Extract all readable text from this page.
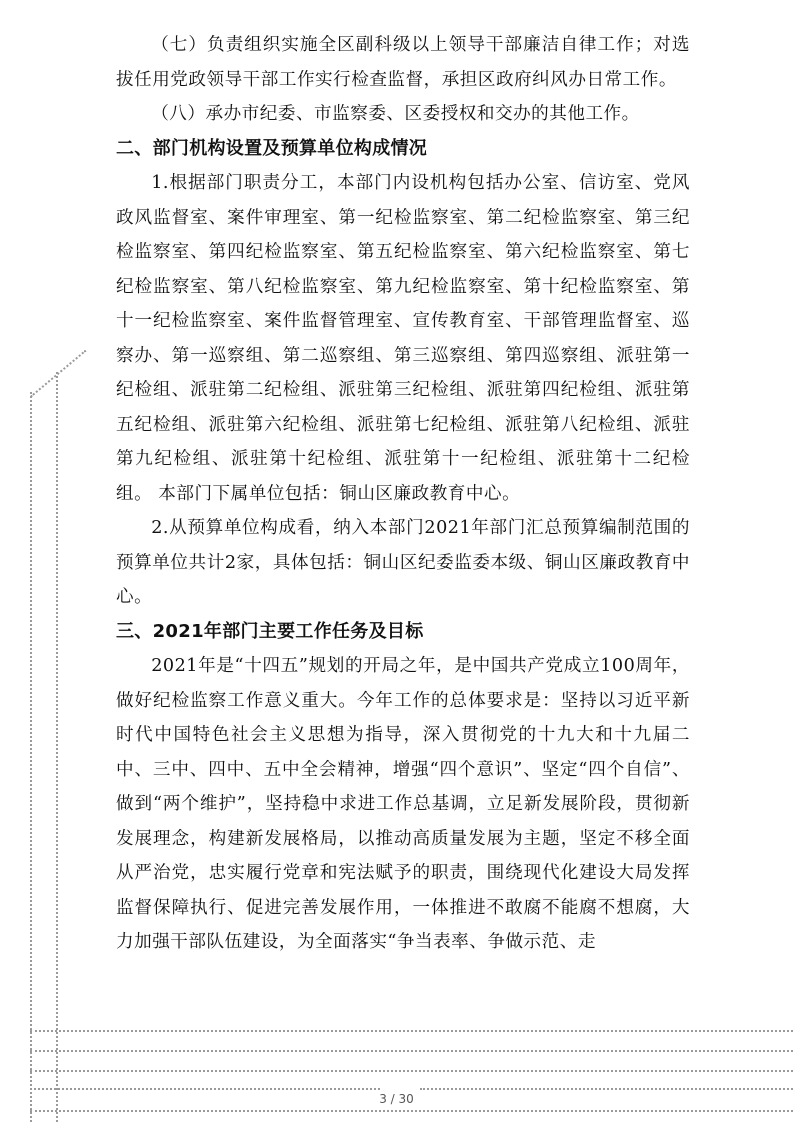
（七）负责组织实施全区副科级以上领导干部廉洁自律工作；对选拔任用党政领导干部工作实行检查监督，承担区政府纠风办日常工作。

（八）承办市纪委、市监察委、区委授权和交办的其他工作。

二、部门机构设置及预算单位构成情况

1.根据部门职责分工，本部门内设机构包括办公室、信访室、党风政风监督室、案件审理室、第一纪检监察室、第二纪检监察室、第三纪检监察室、第四纪检监察室、第五纪检监察室、第六纪检监察室、第七纪检监察室、第八纪检监察室、第九纪检监察室、第十纪检监察室、第十一纪检监察室、案件监督管理室、宣传教育室、干部管理监督室、巡察办、第一巡察组、第二巡察组、第三巡察组、第四巡察组、派驻第一纪检组、派驻第二纪检组、派驻第三纪检组、派驻第四纪检组、派驻第五纪检组、派驻第六纪检组、派驻第七纪检组、派驻第八纪检组、派驻第九纪检组、派驻第十纪检组、派驻第十一纪检组、派驻第十二纪检组。 本部门下属单位包括：铜山区廉政教育中心。

2.从预算单位构成看，纳入本部门2021年部门汇总预算编制范围的预算单位共计2家，具体包括：铜山区纪委监委本级、铜山区廉政教育中心。

三、2021年部门主要工作任务及目标

2021年是“十四五”规划的开局之年，是中国共产党成立100周年，做好纪检监察工作意义重大。今年工作的总体要求是：坚持以习近平新时代中国特色社会主义思想为指导，深入贯彻党的十九大和十九届二中、三中、四中、五中全会精神，增强“四个意识”、坚定“四个自信”、做到“两个维护”，坚持稳中求进工作总基调，立足新发展阶段，贯彻新发展理念，构建新发展格局，以推动高质量发展为主题，坚定不移全面从严治党，忠实履行党章和宪法赋予的职责，围绕现代化建设大局发挥监督保障执行、促进完善发展作用，一体推进不敢腐不能腐不想腐，大力加强干部队伍建设，为全面落实“争当表率、争做示范、走

3 / 30
